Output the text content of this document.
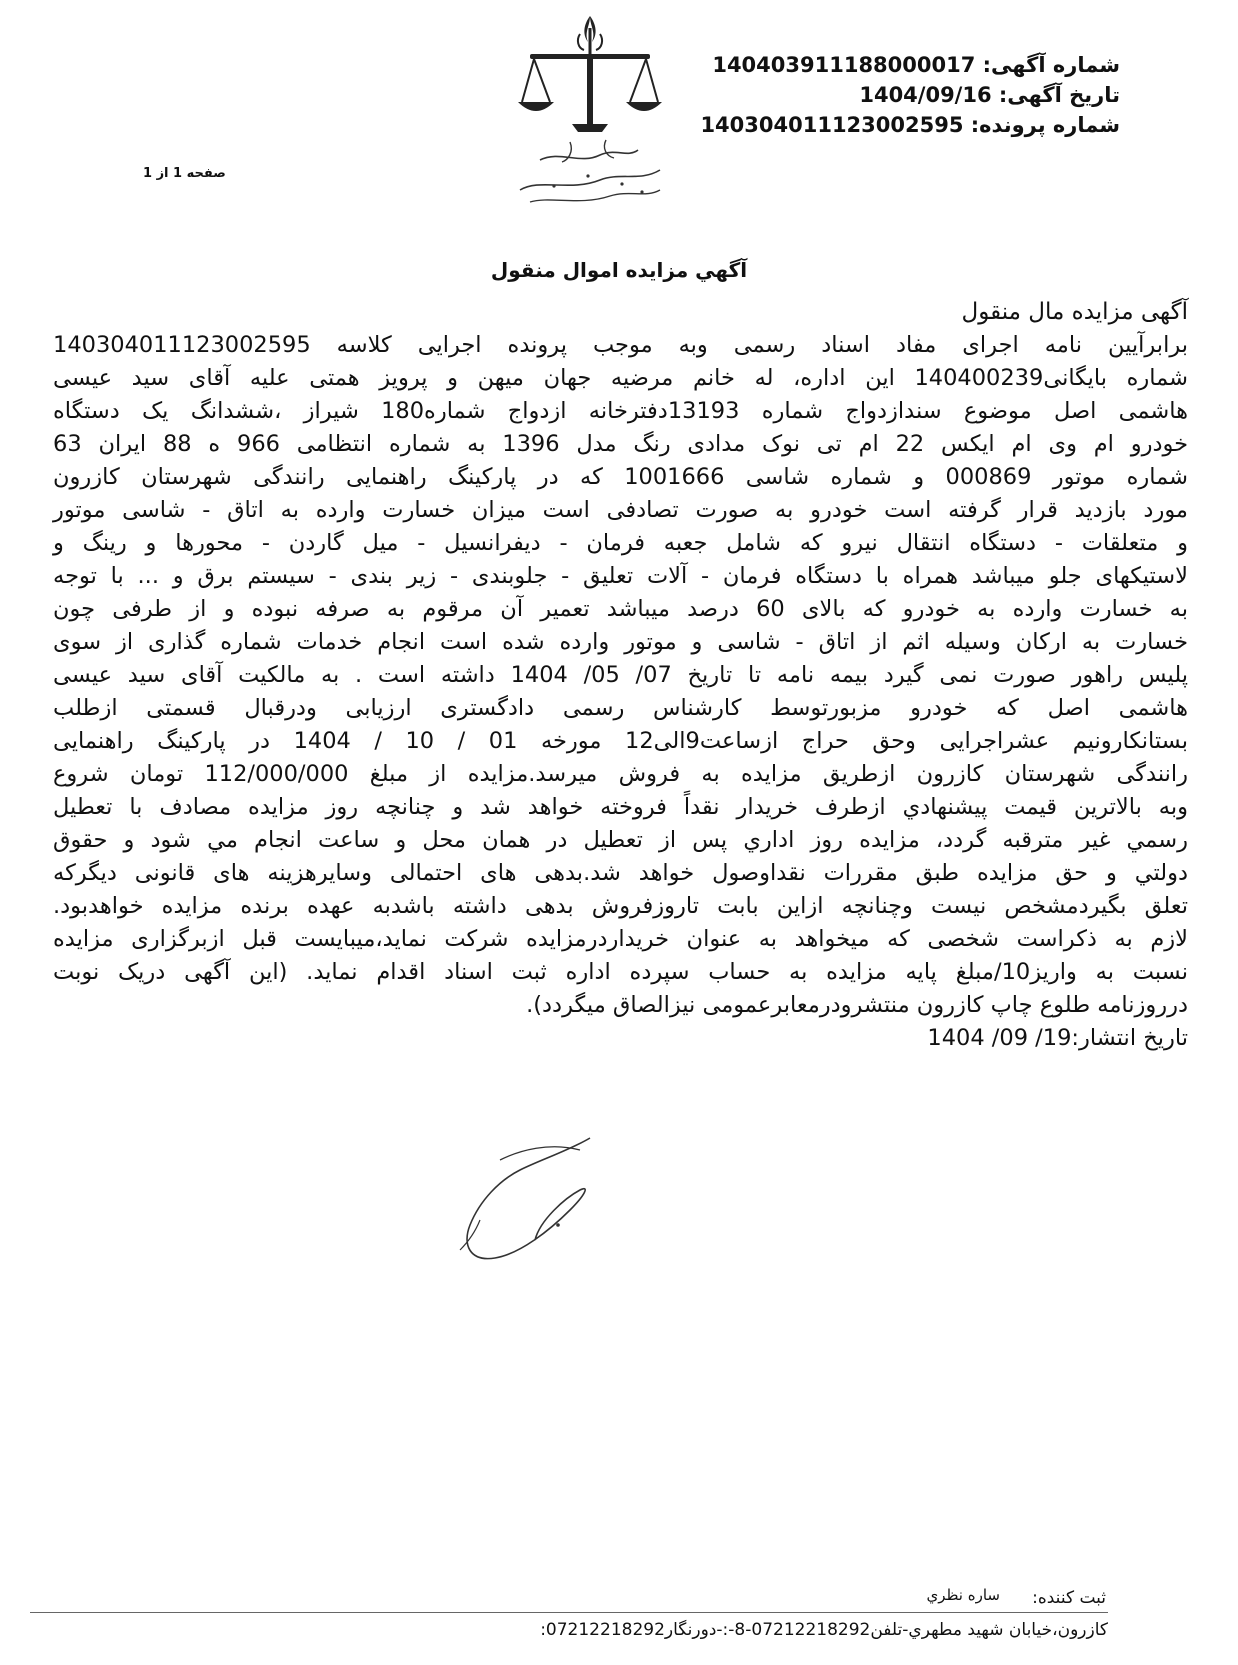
شماره آگهی: 140403911188000017
تاریخ آگهی: 1404/09/16
شماره پرونده: 140304011123002595
صفحه 1 از 1
آگهي مزايده اموال منقول
آگهی مزایده مال منقول
برابرآیین نامه اجرای مفاد اسناد رسمی وبه موجب پرونده اجرایی کلاسه 140304011123002595
شماره بایگانی140400239 این اداره، له خانم مرضیه جهان میهن و پرویز همتی علیه آقای سید عیسی
هاشمی اصل موضوع سندازدواج شماره 13193دفترخانه ازدواج شماره180 شیراز ،ششدانگ یک دستگاه
خودرو ام وی ام ایکس 22 ام تی نوک مدادی رنگ مدل 1396 به شماره انتظامی 966 ه 88 ایران 63
شماره موتور 000869 و شماره شاسی 1001666 که در پارکینگ راهنمایی رانندگی شهرستان کازرون
مورد بازدید قرار گرفته است خودرو به صورت تصادفی است میزان خسارت وارده به اتاق - شاسی موتور
و متعلقات - دستگاه انتقال نیرو که شامل جعبه فرمان - دیفرانسیل - میل گاردن - محورها و رینگ و
لاستیکهای جلو میباشد همراه با دستگاه فرمان - آلات تعلیق - جلوبندی - زیر بندی - سیستم برق و ... با توجه
به خسارت وارده به خودرو که بالای 60 درصد میباشد تعمیر آن مرقوم به صرفه نبوده و از طرفی چون
خسارت به ارکان وسیله اثم از اتاق - شاسی و موتور وارده شده است انجام خدمات شماره گذاری از سوی
پلیس راهور صورت نمی گیرد بیمه نامه تا تاریخ 07/ 05/ 1404 داشته است . به مالکیت آقای سید عیسی
هاشمی اصل که خودرو مزبورتوسط کارشناس رسمی دادگستری ارزیابی ودرقبال قسمتی ازطلب
بستانکارونیم عشراجرایی وحق حراج ازساعت9الی12 مورخه 01 / 10 / 1404 در پارکینگ راهنمایی
رانندگی شهرستان کازرون ازطریق مزایده به فروش میرسد.مزایده از مبلغ 112/000/000 تومان شروع
وبه بالاترین قیمت پیشنهادي ازطرف خریدار نقداً فروخته خواهد شد و چنانچه روز مزایده مصادف با تعطیل
رسمي غیر مترقبه گردد، مزایده روز اداري پس از تعطیل در همان محل و ساعت انجام مي شود و حقوق
دولتي و حق مزایده طبق مقررات نقداوصول خواهد شد.بدهی های احتمالی وسایرهزینه های قانونی دیگرکه
تعلق بگیردمشخص نیست وچنانچه ازاین بابت تاروزفروش بدهی داشته باشدبه عهده برنده مزایده خواهدبود.
لازم به ذکراست شخصی که میخواهد به عنوان خریداردرمزایده شرکت نماید،میبایست قبل ازبرگزاری مزایده
نسبت به واریز10/مبلغ پایه مزایده به حساب سپرده اداره ثبت اسناد اقدام نماید. (این آگهی دریک نوبت
درروزنامه طلوع چاپ کازرون منتشرودرمعابرعمومی نیزالصاق میگردد).
تاریخ انتشار:19/ 09/ 1404
ثبت کننده:
ساره نظري
کازرون،خیابان شهید مطهري-تلفن07212218292-8-:-دورنگار07212218292:
